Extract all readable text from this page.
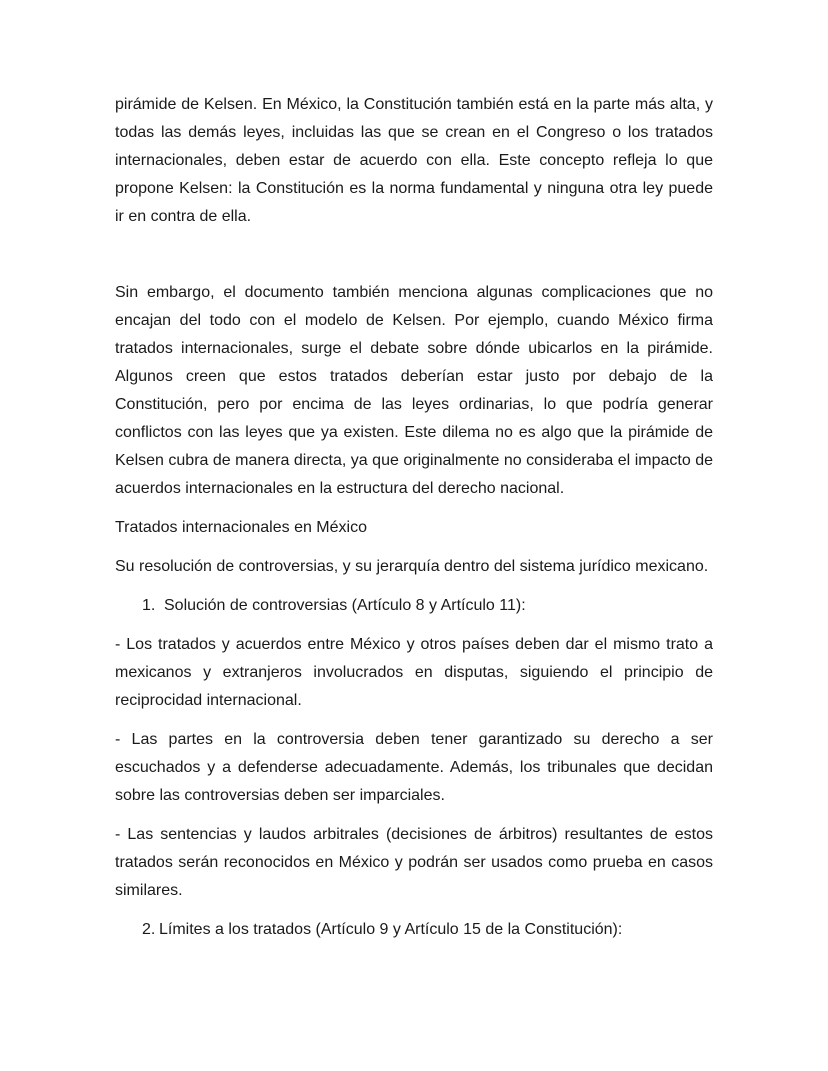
pirámide de Kelsen. En México, la Constitución también está en la parte más alta, y todas las demás leyes, incluidas las que se crean en el Congreso o los tratados internacionales, deben estar de acuerdo con ella. Este concepto refleja lo que propone Kelsen: la Constitución es la norma fundamental y ninguna otra ley puede ir en contra de ella.

Sin embargo, el documento también menciona algunas complicaciones que no encajan del todo con el modelo de Kelsen. Por ejemplo, cuando México firma tratados internacionales, surge el debate sobre dónde ubicarlos en la pirámide. Algunos creen que estos tratados deberían estar justo por debajo de la Constitución, pero por encima de las leyes ordinarias, lo que podría generar conflictos con las leyes que ya existen. Este dilema no es algo que la pirámide de Kelsen cubra de manera directa, ya que originalmente no consideraba el impacto de acuerdos internacionales en la estructura del derecho nacional.

Tratados internacionales en México

Su resolución de controversias, y su jerarquía dentro del sistema jurídico mexicano.

1. Solución de controversias (Artículo 8 y Artículo 11):

- Los tratados y acuerdos entre México y otros países deben dar el mismo trato a mexicanos y extranjeros involucrados en disputas, siguiendo el principio de reciprocidad internacional.

- Las partes en la controversia deben tener garantizado su derecho a ser escuchados y a defenderse adecuadamente. Además, los tribunales que decidan sobre las controversias deben ser imparciales.

- Las sentencias y laudos arbitrales (decisiones de árbitros) resultantes de estos tratados serán reconocidos en México y podrán ser usados como prueba en casos similares.

2. Límites a los tratados (Artículo 9 y Artículo 15 de la Constitución):
